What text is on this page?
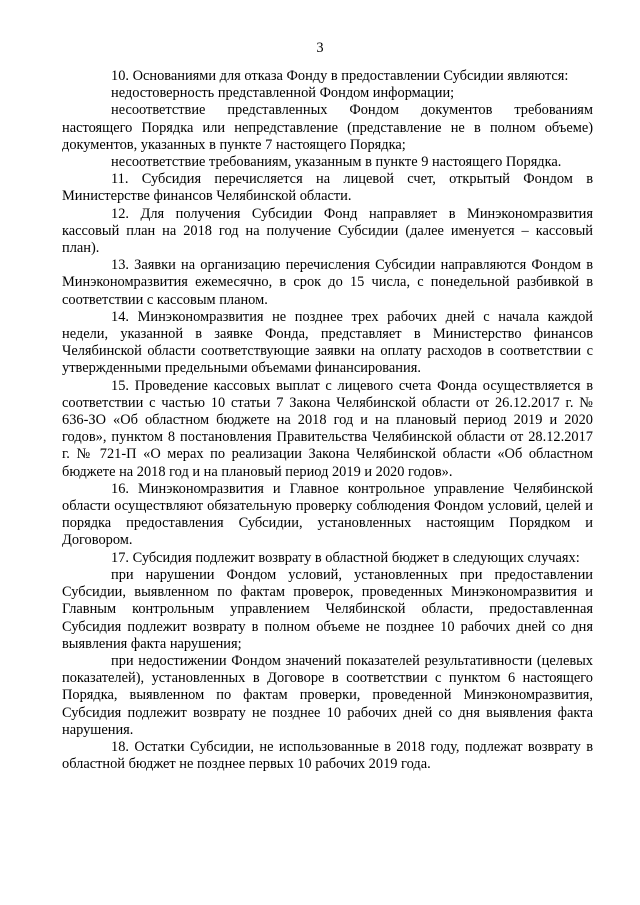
3

10. Основаниями для отказа Фонду в предоставлении Субсидии являются:

недостоверность представленной Фондом информации;

несоответствие представленных Фондом документов требованиям настоящего Порядка или непредставление (представление не в полном объеме) документов, указанных в пункте 7 настоящего Порядка;

несоответствие требованиям, указанным в пункте 9 настоящего Порядка.

11. Субсидия перечисляется на лицевой счет, открытый Фондом в Министерстве финансов Челябинской области.

12. Для получения Субсидии Фонд направляет в Минэкономразвития кассовый план на 2018 год на получение Субсидии (далее именуется – кассовый план).

13. Заявки на организацию перечисления Субсидии направляются Фондом в Минэкономразвития ежемесячно, в срок до 15 числа, с понедельной разбивкой в соответствии с кассовым планом.

14. Минэкономразвития не позднее трех рабочих дней с начала каждой недели, указанной в заявке Фонда, представляет в Министерство финансов Челябинской области соответствующие заявки на оплату расходов в соответствии с утвержденными предельными объемами финансирования.

15. Проведение кассовых выплат с лицевого счета Фонда осуществляется в соответствии с частью 10 статьи 7 Закона Челябинской области от 26.12.2017 г. № 636-ЗО «Об областном бюджете на 2018 год и на плановый период 2019 и 2020 годов», пунктом 8 постановления Правительства Челябинской области от 28.12.2017 г. № 721-П «О мерах по реализации Закона Челябинской области «Об областном бюджете на 2018 год и на плановый период 2019 и 2020 годов».

16. Минэкономразвития и Главное контрольное управление Челябинской области осуществляют обязательную проверку соблюдения Фондом условий, целей и порядка предоставления Субсидии, установленных настоящим Порядком и Договором.

17. Субсидия подлежит возврату в областной бюджет в следующих случаях:

при нарушении Фондом условий, установленных при предоставлении Субсидии, выявленном по фактам проверок, проведенных Минэкономразвития и Главным контрольным управлением Челябинской области, предоставленная Субсидия подлежит возврату в полном объеме не позднее 10 рабочих дней со дня выявления факта нарушения;

при недостижении Фондом значений показателей результативности (целевых показателей), установленных в Договоре в соответствии с пунктом 6 настоящего Порядка, выявленном по фактам проверки, проведенной Минэкономразвития, Субсидия подлежит возврату не позднее 10 рабочих дней со дня выявления факта нарушения.

18. Остатки Субсидии, не использованные в 2018 году, подлежат возврату в областной бюджет не позднее первых 10 рабочих 2019 года.
